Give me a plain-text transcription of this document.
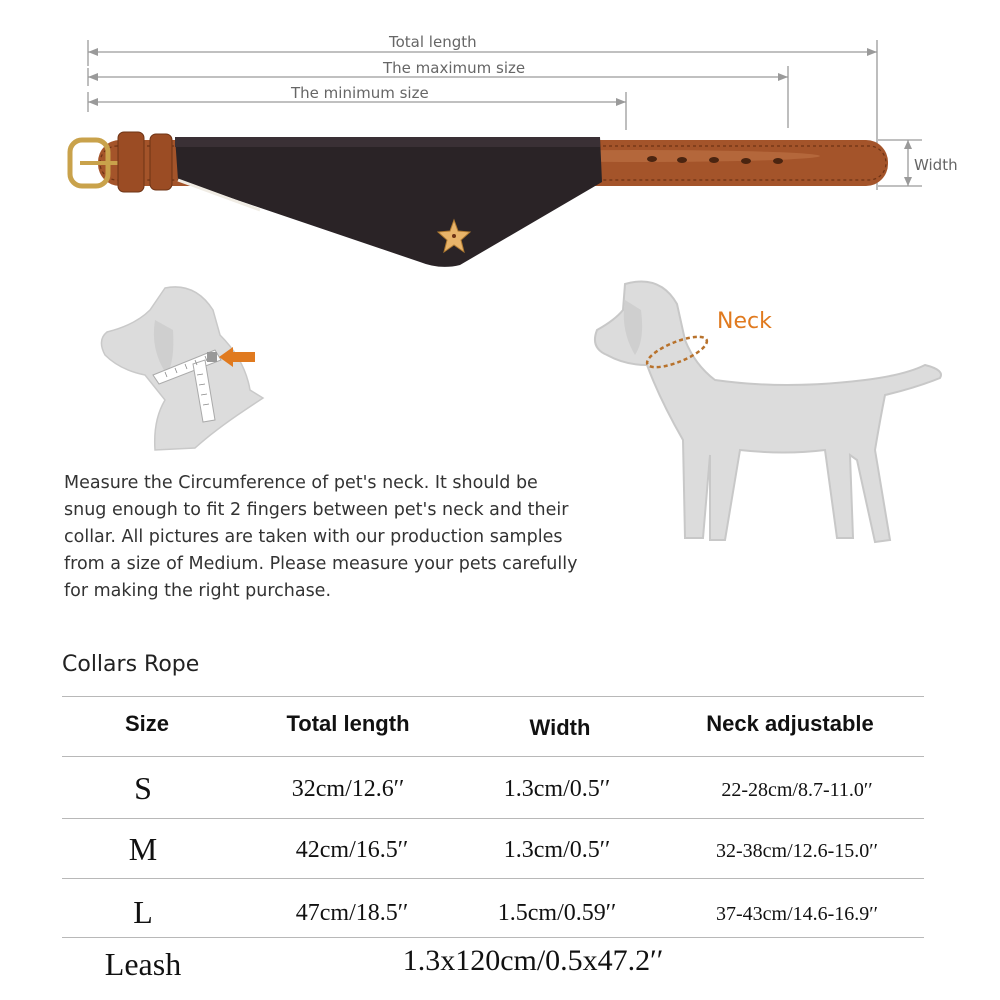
Total length
The maximum size
The minimum size
Width
Neck
Measure the Circumference of pet's neck. It should be
snug enough to fit 2 fingers between pet's neck and their
collar. All pictures are taken with our production samples
from a size of Medium. Please measure your pets carefully
for making the right purchase.
Collars Rope
Size	Total length	Width	Neck adjustable
S	32cm/12.6′′	1.3cm/0.5′′	22-28cm/8.7-11.0′′
M	42cm/16.5′′	1.3cm/0.5′′	32-38cm/12.6-15.0′′
L	47cm/18.5′′	1.5cm/0.59′′	37-43cm/14.6-16.9′′
Leash	1.3x120cm/0.5x47.2′′
